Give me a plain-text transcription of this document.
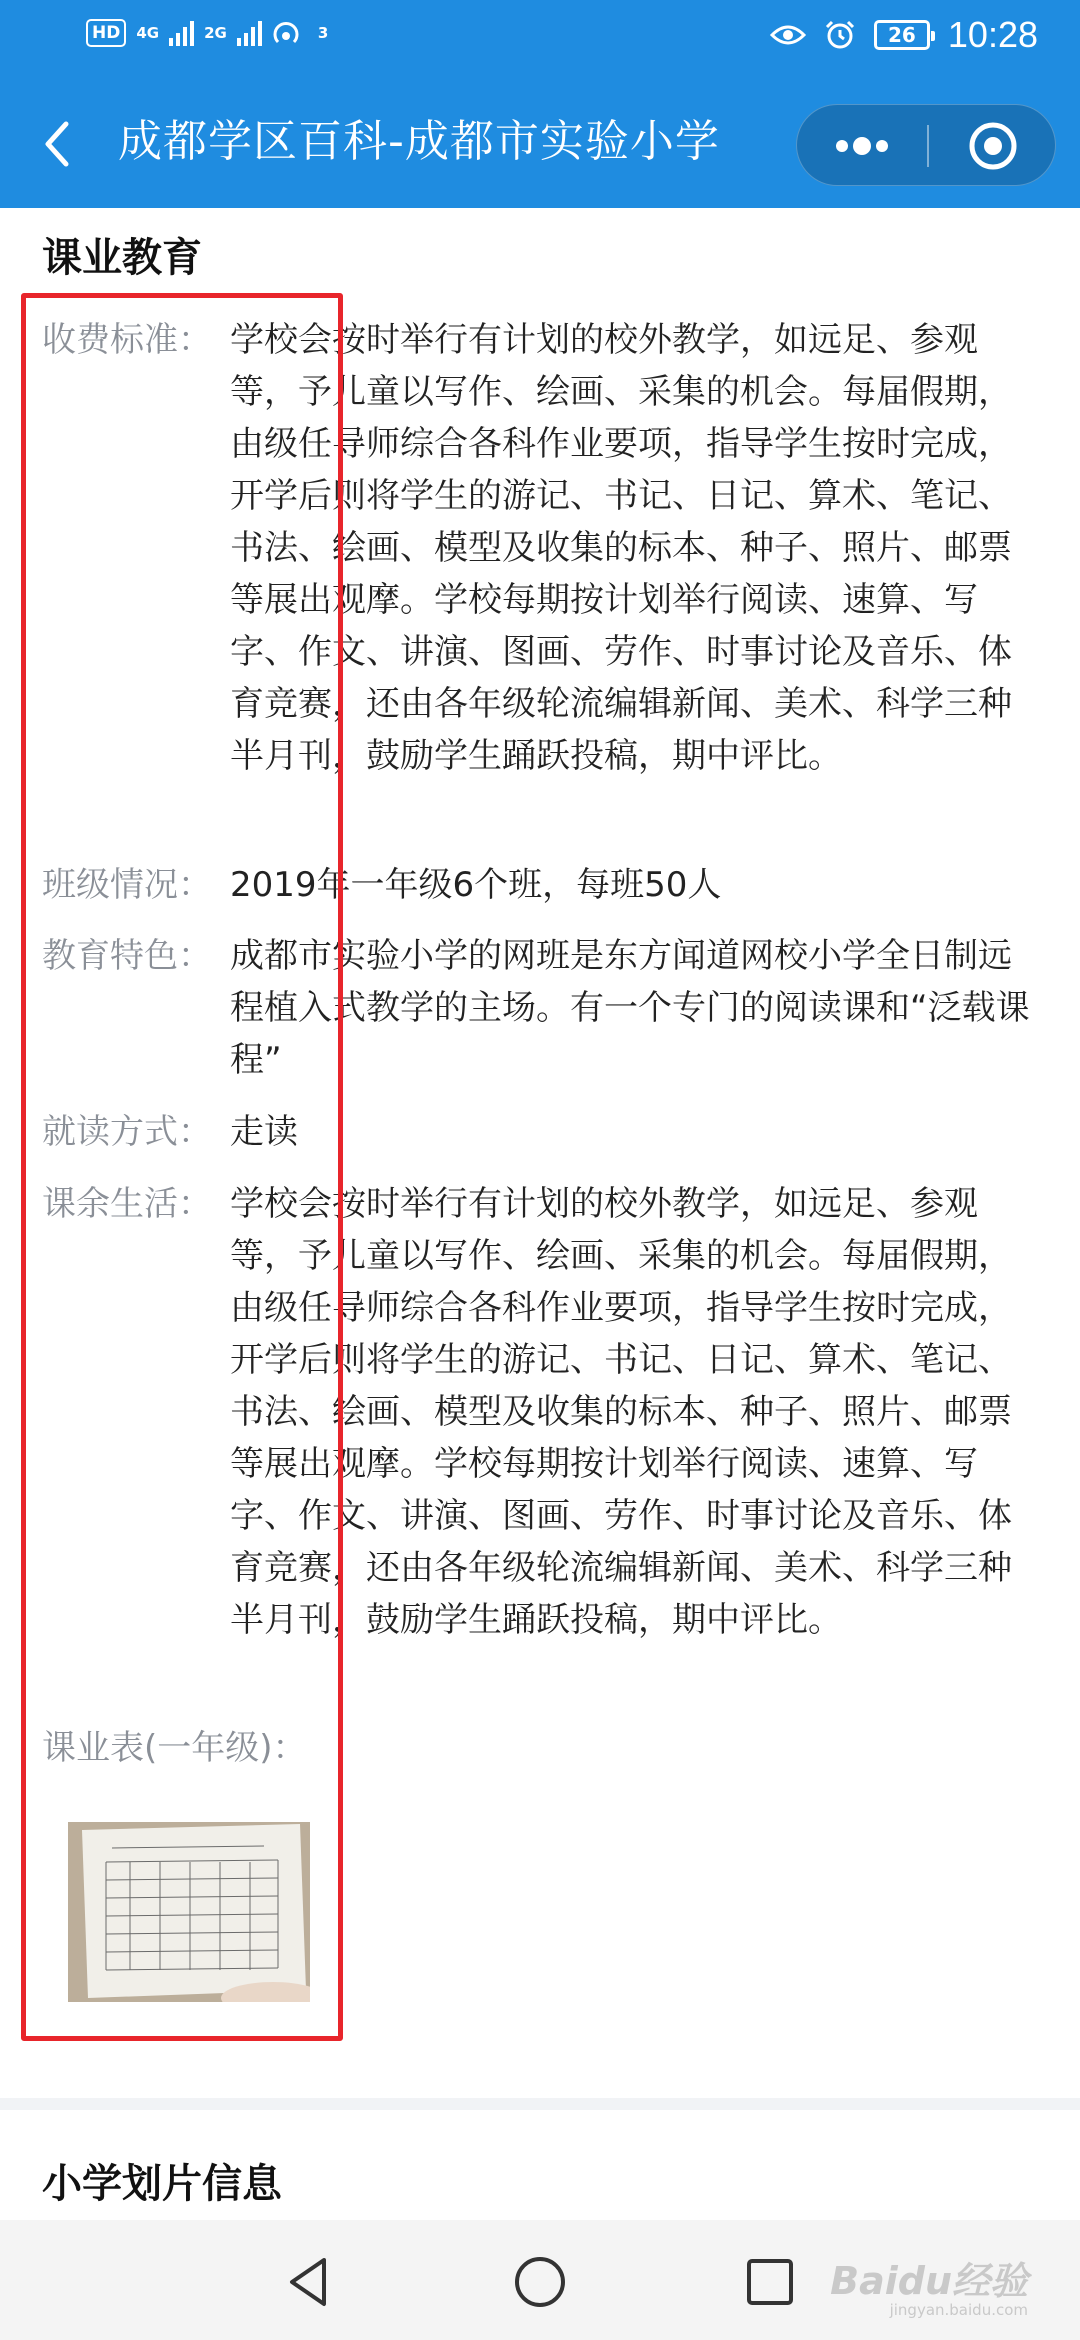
HD	4G	2G	3	26 10:28
成都学区百科-成都市实验小学
课业教育
收费标准： 学校会按时举行有计划的校外教学，如远足、参观等，予儿童以写作、绘画、采集的机会。每届假期，由级任导师综合各科作业要项，指导学生按时完成，开学后则将学生的游记、书记、日记、算术、笔记、书法、绘画、模型及收集的标本、种子、照片、邮票等展出观摩。学校每期按计划举行阅读、速算、写字、作文、讲演、图画、劳作、时事讨论及音乐、体育竞赛，还由各年级轮流编辑新闻、美术、科学三种半月刊，鼓励学生踊跃投稿，期中评比。
班级情况： 2019年一年级6个班，每班50人
教育特色： 成都市实验小学的网班是东方闻道网校小学全日制远程植入式教学的主场。有一个专门的阅读课和“泛载课程”
就读方式： 走读
课余生活： 学校会按时举行有计划的校外教学，如远足、参观等，予儿童以写作、绘画、采集的机会。每届假期，由级任导师综合各科作业要项，指导学生按时完成，开学后则将学生的游记、书记、日记、算术、笔记、书法、绘画、模型及收集的标本、种子、照片、邮票等展出观摩。学校每期按计划举行阅读、速算、写字、作文、讲演、图画、劳作、时事讨论及音乐、体育竞赛，还由各年级轮流编辑新闻、美术、科学三种半月刊，鼓励学生踊跃投稿，期中评比。
课业表(一年级)：
小学划片信息
Baidu经验
jingyan.baidu.com
